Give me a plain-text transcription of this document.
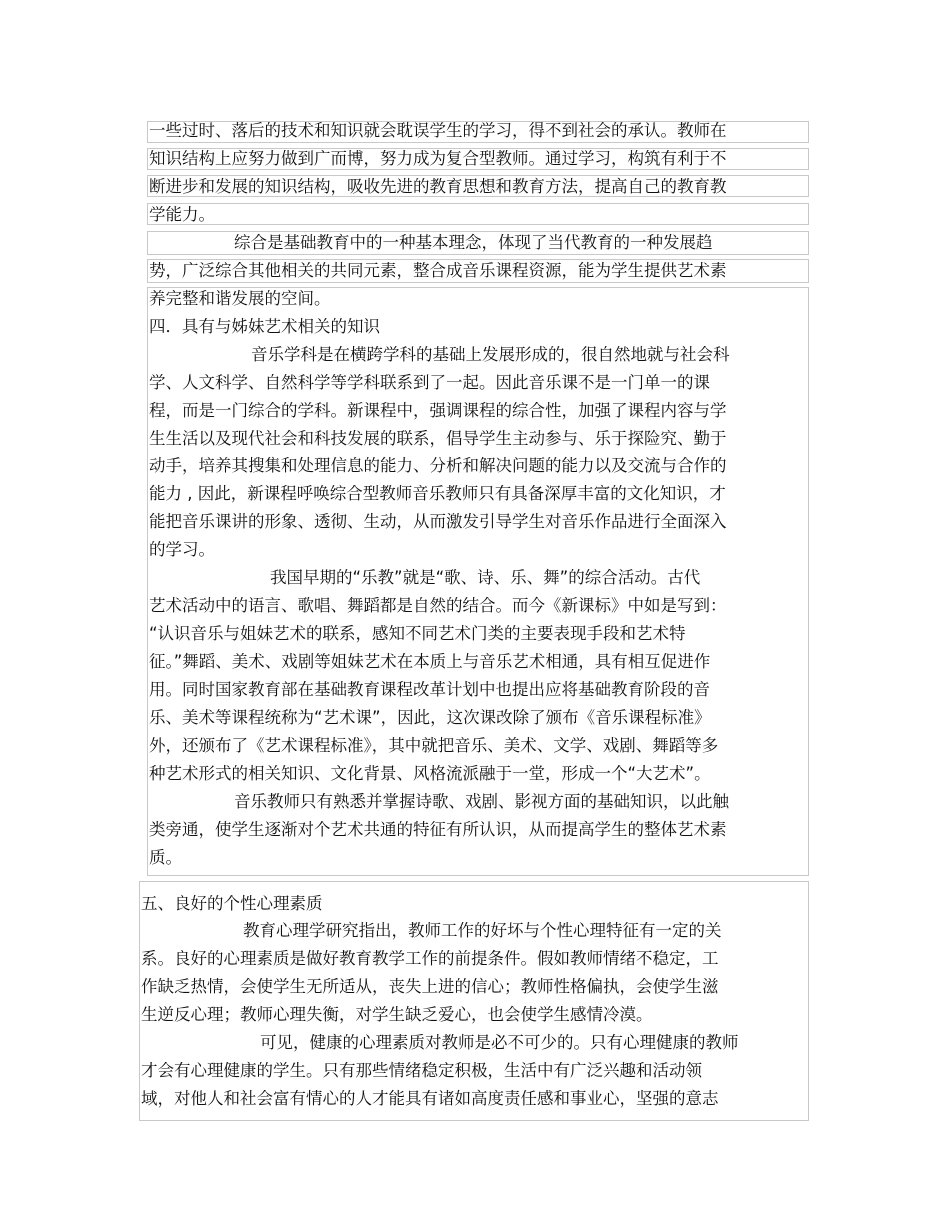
一些过时、落后的技术和知识就会耽误学生的学习，得不到社会的承认。教师在
知识结构上应努力做到广而博，努力成为复合型教师。通过学习，构筑有利于不
断进步和发展的知识结构，吸收先进的教育思想和教育方法，提高自己的教育教
学能力。
综合是基础教育中的一种基本理念，体现了当代教育的一种发展趋
势，广泛综合其他相关的共同元素，整合成音乐课程资源，能为学生提供艺术素
养完整和谐发展的空间。
四．具有与姊妹艺术相关的知识
音乐学科是在横跨学科的基础上发展形成的，很自然地就与社会科
学、人文科学、自然科学等学科联系到了一起。因此音乐课不是一门单一的课
程，而是一门综合的学科。新课程中，强调课程的综合性，加强了课程内容与学
生生活以及现代社会和科技发展的联系，倡导学生主动参与、乐于探险究、勤于
动手，培养其搜集和处理信息的能力、分析和解决问题的能力以及交流与合作的
能力 , 因此，新课程呼唤综合型教师音乐教师只有具备深厚丰富的文化知识，才
能把音乐课讲的形象、透彻、生动，从而激发引导学生对音乐作品进行全面深入
的学习。
我国早期的“乐教”就是“歌、诗、乐、舞”的综合活动。古代
艺术活动中的语言、歌唱、舞蹈都是自然的结合。而今《新课标》中如是写到：
“认识音乐与姐妹艺术的联系，感知不同艺术门类的主要表现手段和艺术特
征。”舞蹈、美术、戏剧等姐妹艺术在本质上与音乐艺术相通，具有相互促进作
用。同时国家教育部在基础教育课程改革计划中也提出应将基础教育阶段的音
乐、美术等课程统称为“艺术课”，因此，这次课改除了颁布《音乐课程标准》
外，还颁布了《艺术课程标准》，其中就把音乐、美术、文学、戏剧、舞蹈等多
种艺术形式的相关知识、文化背景、风格流派融于一堂，形成一个“大艺术”。
音乐教师只有熟悉并掌握诗歌、戏剧、影视方面的基础知识，以此触
类旁通，使学生逐渐对个艺术共通的特征有所认识，从而提高学生的整体艺术素
质。
五、良好的个性心理素质
教育心理学研究指出，教师工作的好坏与个性心理特征有一定的关
系。良好的心理素质是做好教育教学工作的前提条件。假如教师情绪不稳定，工
作缺乏热情，会使学生无所适从，丧失上进的信心；教师性格偏执，会使学生滋
生逆反心理；教师心理失衡，对学生缺乏爱心，也会使学生感情冷漠。
可见，健康的心理素质对教师是必不可少的。只有心理健康的教师
才会有心理健康的学生。只有那些情绪稳定积极，生活中有广泛兴趣和活动领
域，对他人和社会富有情心的人才能具有诸如高度责任感和事业心，坚强的意志
